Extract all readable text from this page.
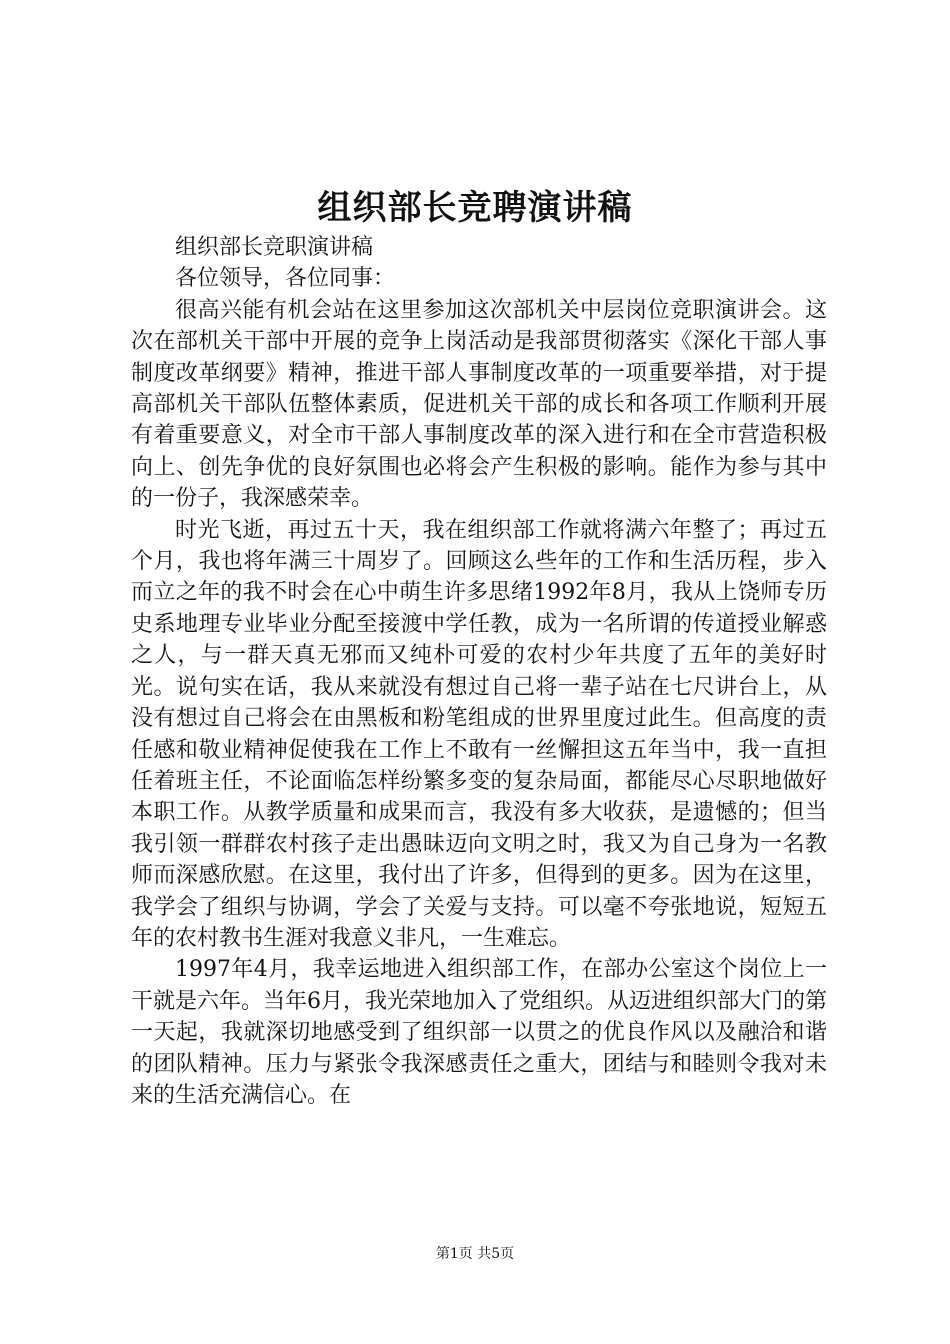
组织部长竞聘演讲稿

组织部长竞职演讲稿

各位领导，各位同事：

很高兴能有机会站在这里参加这次部机关中层岗位竞职演讲会。这次在部机关干部中开展的竞争上岗活动是我部贯彻落实《深化干部人事制度改革纲要》精神，推进干部人事制度改革的一项重要举措，对于提高部机关干部队伍整体素质，促进机关干部的成长和各项工作顺利开展有着重要意义，对全市干部人事制度改革的深入进行和在全市营造积极向上、创先争优的良好氛围也必将会产生积极的影响。能作为参与其中的一份子，我深感荣幸。

时光飞逝，再过五十天，我在组织部工作就将满六年整了；再过五个月，我也将年满三十周岁了。回顾这么些年的工作和生活历程，步入而立之年的我不时会在心中萌生许多思绪1992年8月，我从上饶师专历史系地理专业毕业分配至接渡中学任教，成为一名所谓的传道授业解惑之人，与一群天真无邪而又纯朴可爱的农村少年共度了五年的美好时光。说句实在话，我从来就没有想过自己将一辈子站在七尺讲台上，从没有想过自己将会在由黑板和粉笔组成的世界里度过此生。但高度的责任感和敬业精神促使我在工作上不敢有一丝懈担这五年当中，我一直担任着班主任，不论面临怎样纷繁多变的复杂局面，都能尽心尽职地做好本职工作。从教学质量和成果而言，我没有多大收获，是遗憾的；但当我引领一群群农村孩子走出愚昧迈向文明之时，我又为自己身为一名教师而深感欣慰。在这里，我付出了许多，但得到的更多。因为在这里，我学会了组织与协调，学会了关爱与支持。可以毫不夸张地说，短短五年的农村教书生涯对我意义非凡，一生难忘。

1997年4月，我幸运地进入组织部工作，在部办公室这个岗位上一干就是六年。当年6月，我光荣地加入了党组织。从迈进组织部大门的第一天起，我就深切地感受到了组织部一以贯之的优良作风以及融洽和谐的团队精神。压力与紧张令我深感责任之重大，团结与和睦则令我对未来的生活充满信心。在

第1页 共5页
